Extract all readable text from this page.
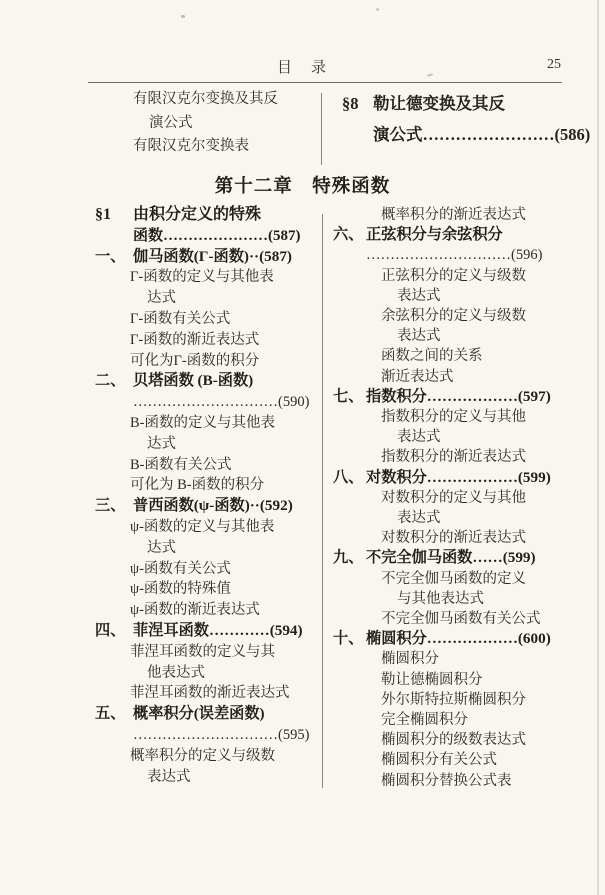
目　录	25
有限汉克尔变换及其反
演公式
有限汉克尔变换表
§8 勒让德变换及其反
演公式……………………(586)
第十二章　特殊函数
§1	由积分定义的特殊
函数…………………(587)
一、 伽马函数(Γ-函数)··(587)
Γ-函数的定义与其他表
达式
Γ-函数有关公式
Γ-函数的渐近表达式
可化为Γ-函数的积分
二、 贝塔函数 (B-函数)
…………………………(590)
B-函数的定义与其他表
达式
B-函数有关公式
可化为 B-函数的积分
三、 普西函数(ψ-函数)··(592)
ψ-函数的定义与其他表
达式
ψ-函数有关公式
ψ-函数的特殊值
ψ-函数的渐近表达式
四、 菲涅耳函数…………(594)
菲涅耳函数的定义与其
他表达式
菲涅耳函数的渐近表达式
五、 概率积分(误差函数)
…………………………(595)
概率积分的定义与级数
表达式
概率积分的渐近表达式
六、 正弦积分与余弦积分
…………………………(596)
正弦积分的定义与级数
表达式
余弦积分的定义与级数
表达式
函数之间的关系
渐近表达式
七、 指数积分………………(597)
指数积分的定义与其他
表达式
指数积分的渐近表达式
八、 对数积分………………(599)
对数积分的定义与其他
表达式
对数积分的渐近表达式
九、 不完全伽马函数……(599)
不完全伽马函数的定义
与其他表达式
不完全伽马函数有关公式
十、 椭圆积分………………(600)
椭圆积分
勒让德椭圆积分
外尔斯特拉斯椭圆积分
完全椭圆积分
椭圆积分的级数表达式
椭圆积分有关公式
椭圆积分替换公式表
